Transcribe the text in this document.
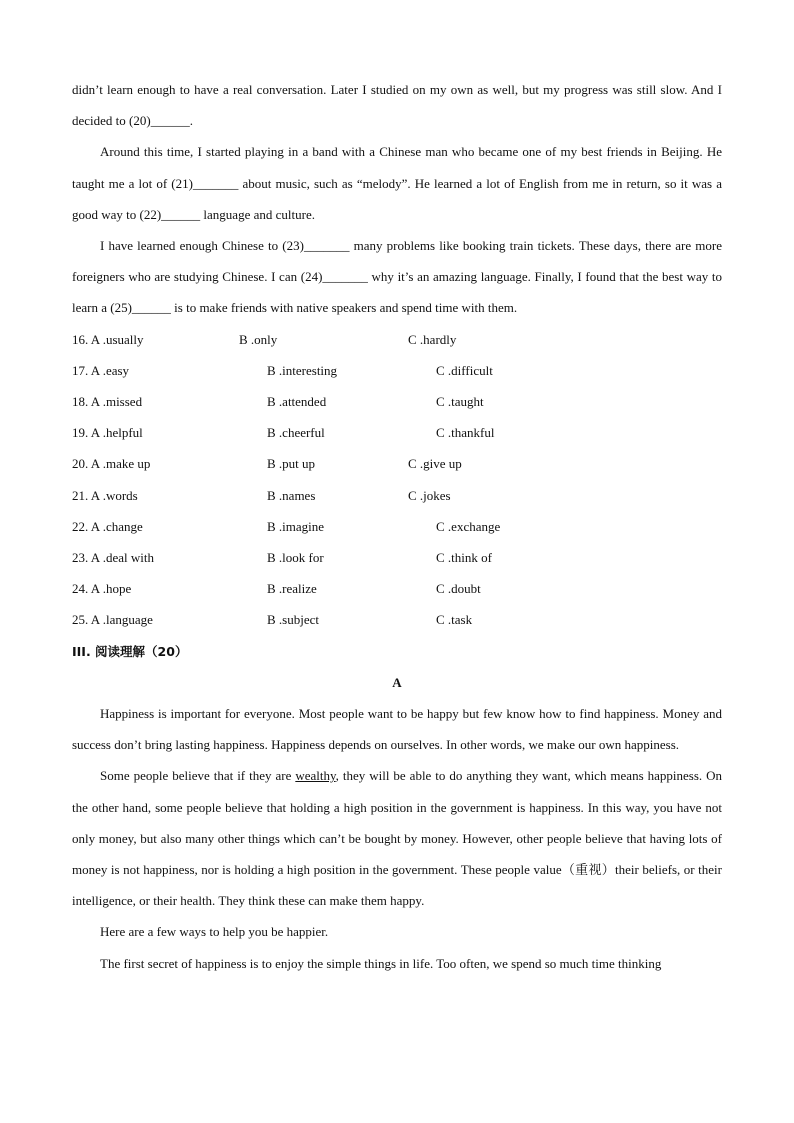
didn’t learn enough to have a real conversation. Later I studied on my own as well, but my progress was still slow. And I decided to (20)______.

Around this time, I started playing in a band with a Chinese man who became one of my best friends in Beijing. He taught me a lot of (21)_______ about music, such as “melody”. He learned a lot of English from me in return, so it was a good way to (22)______ language and culture.

I have learned enough Chinese to (23)_______ many problems like booking train tickets. These days, there are more foreigners who are studying Chinese. I can (24)_______ why it’s an amazing language. Finally, I found that the best way to learn a (25)______ is to make friends with native speakers and spend time with them.

16. A .usually	B .only	C .hardly
17. A .easy	B .interesting	C .difficult
18. A .missed	B .attended	C .taught
19. A .helpful	B .cheerful	C .thankful
20. A .make up	B .put up	C .give up
21. A .words	B .names	C .jokes
22. A .change	B .imagine	C .exchange
23. A .deal with	B .look for	C .think of
24. A .hope	B .realize	C .doubt
25. A .language	B .subject	C .task
III. 阅读理解（20）
A

Happiness is important for everyone. Most people want to be happy but few know how to find happiness. Money and success don’t bring lasting happiness. Happiness depends on ourselves. In other words, we make our own happiness.

Some people believe that if they are wealthy, they will be able to do anything they want, which means happiness. On the other hand, some people believe that holding a high position in the government is happiness. In this way, you have not only money, but also many other things which can’t be bought by money. However, other people believe that having lots of money is not happiness, nor is holding a high position in the government. These people value（重视）their beliefs, or their intelligence, or their health. They think these can make them happy.

Here are a few ways to help you be happier.

The first secret of happiness is to enjoy the simple things in life. Too often, we spend so much time thinking
